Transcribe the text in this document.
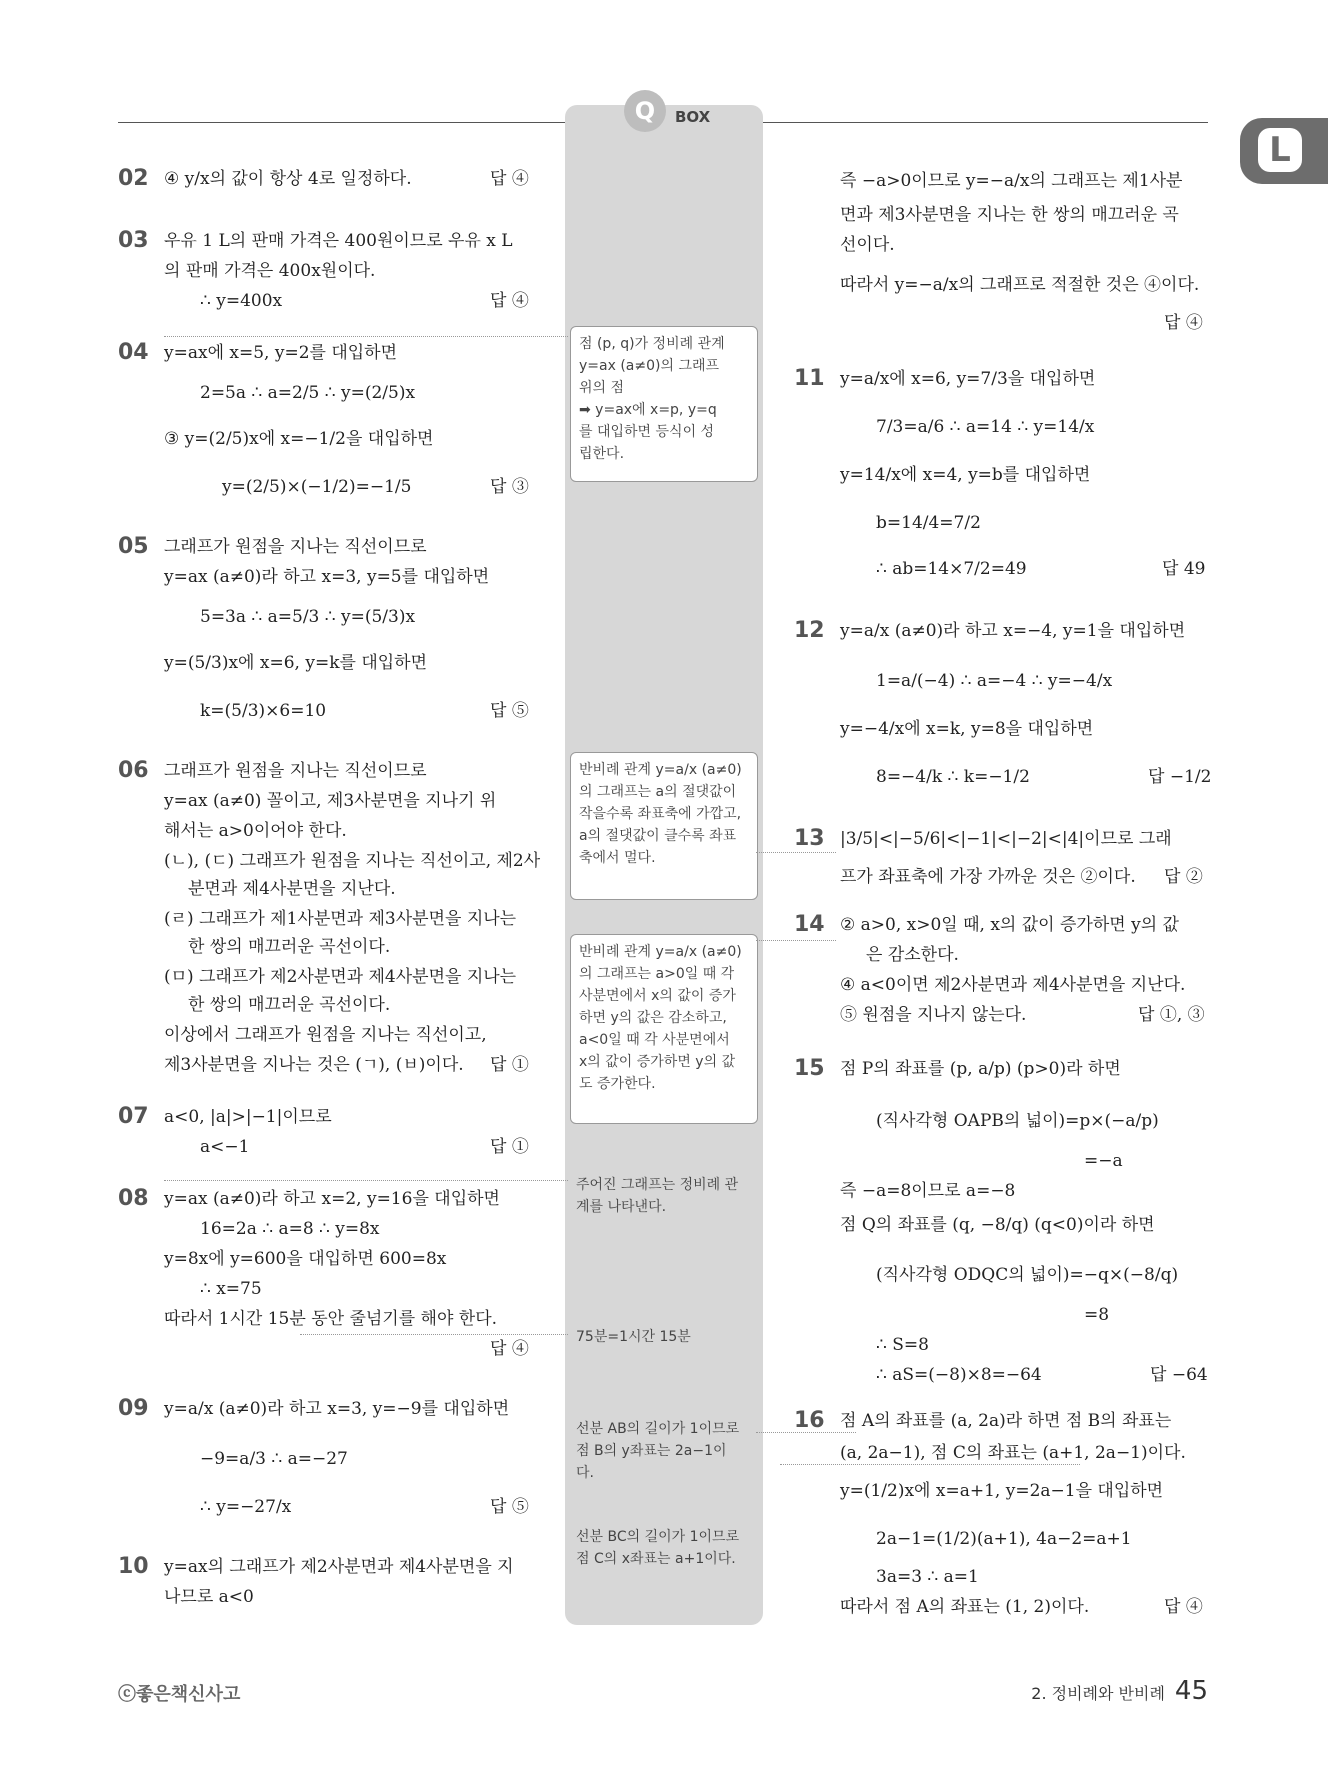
Q	BOX
L
02 ④ y/x의 값이 항상 4로 일정하다.	답 ④
03 우유 1 L의 판매 가격은 400원이므로 우유 x L
의 판매 가격은 400x원이다.
∴ y=400x	답 ④
04 y=ax에 x=5, y=2를 대입하면
2=5a ∴ a=2/5 ∴ y=(2/5)x
③ y=(2/5)x에 x=−1/2을 대입하면
y=(2/5)×(−1/2)=−1/5	답 ③
05 그래프가 원점을 지나는 직선이므로
y=ax (a≠0)라 하고 x=3, y=5를 대입하면
5=3a ∴ a=5/3 ∴ y=(5/3)x
y=(5/3)x에 x=6, y=k를 대입하면
k=(5/3)×6=10	답 ⑤
06 그래프가 원점을 지나는 직선이므로
y=ax (a≠0) 꼴이고, 제3사분면을 지나기 위
해서는 a>0이어야 한다.
(ㄴ), (ㄷ) 그래프가 원점을 지나는 직선이고, 제2사
분면과 제4사분면을 지난다.
(ㄹ) 그래프가 제1사분면과 제3사분면을 지나는
한 쌍의 매끄러운 곡선이다.
(ㅁ) 그래프가 제2사분면과 제4사분면을 지나는
한 쌍의 매끄러운 곡선이다.
이상에서 그래프가 원점을 지나는 직선이고,
제3사분면을 지나는 것은 (ㄱ), (ㅂ)이다. 답 ①
07 a<0, |a|>|−1|이므로
a<−1	답 ①
08 y=ax (a≠0)라 하고 x=2, y=16을 대입하면
16=2a ∴ a=8 ∴ y=8x
y=8x에 y=600을 대입하면 600=8x
∴ x=75
따라서 1시간 15분 동안 줄넘기를 해야 한다.
답 ④
09 y=a/x (a≠0)라 하고 x=3, y=−9를 대입하면
−9=a/3 ∴ a=−27
∴ y=−27/x	답 ⑤
10 y=ax의 그래프가 제2사분면과 제4사분면을 지
나므로 a<0
즉 −a>0이므로 y=−a/x의 그래프는 제1사분
면과 제3사분면을 지나는 한 쌍의 매끄러운 곡
선이다.
따라서 y=−a/x의 그래프로 적절한 것은 ④이다.
답 ④
11 y=a/x에 x=6, y=7/3을 대입하면
7/3=a/6 ∴ a=14 ∴ y=14/x
y=14/x에 x=4, y=b를 대입하면
b=14/4=7/2
∴ ab=14×7/2=49	답 49
12 y=a/x (a≠0)라 하고 x=−4, y=1을 대입하면
1=a/(−4) ∴ a=−4 ∴ y=−4/x
y=−4/x에 x=k, y=8을 대입하면
8=−4/k ∴ k=−1/2	답 −1/2
13 |3/5|<|−5/6|<|−1|<|−2|<|4|이므로 그래
프가 좌표축에 가장 가까운 것은 ②이다. 답 ②
14 ② a>0, x>0일 때, x의 값이 증가하면 y의 값
은 감소한다.
④ a<0이면 제2사분면과 제4사분면을 지난다.
⑤ 원점을 지나지 않는다.	답 ①, ③
15 점 P의 좌표를 (p, a/p) (p>0)라 하면
(직사각형 OAPB의 넓이)=p×(−a/p)
=−a
즉 −a=8이므로 a=−8
점 Q의 좌표를 (q, −8/q) (q<0)이라 하면
(직사각형 ODQC의 넓이)=−q×(−8/q)
=8
∴ S=8
∴ aS=(−8)×8=−64	답 −64
16 점 A의 좌표를 (a, 2a)라 하면 점 B의 좌표는
(a, 2a−1), 점 C의 좌표는 (a+1, 2a−1)이다.
y=(1/2)x에 x=a+1, y=2a−1을 대입하면
2a−1=(1/2)(a+1), 4a−2=a+1
3a=3 ∴ a=1
따라서 점 A의 좌표는 (1, 2)이다.	답 ④
점 (p, q)가 정비례 관계
y=ax (a≠0)의 그래프
위의 점
➡ y=ax에 x=p, y=q
를 대입하면 등식이 성
립한다.
반비례 관계 y=a/x (a≠0)
의 그래프는 a의 절댓값이
작을수록 좌표축에 가깝고,
a의 절댓값이 클수록 좌표
축에서 멀다.
반비례 관계 y=a/x (a≠0)
의 그래프는 a>0일 때 각
사분면에서 x의 값이 증가
하면 y의 값은 감소하고,
a<0일 때 각 사분면에서
x의 값이 증가하면 y의 값
도 증가한다.
주어진 그래프는 정비례 관
계를 나타낸다.
75분=1시간 15분
선분 AB의 길이가 1이므로
점 B의 y좌표는 2a−1이
다.
선분 BC의 길이가 1이므로
점 C의 x좌표는 a+1이다.
ⓒ좋은책신사고	2. 정비례와 반비례 45
